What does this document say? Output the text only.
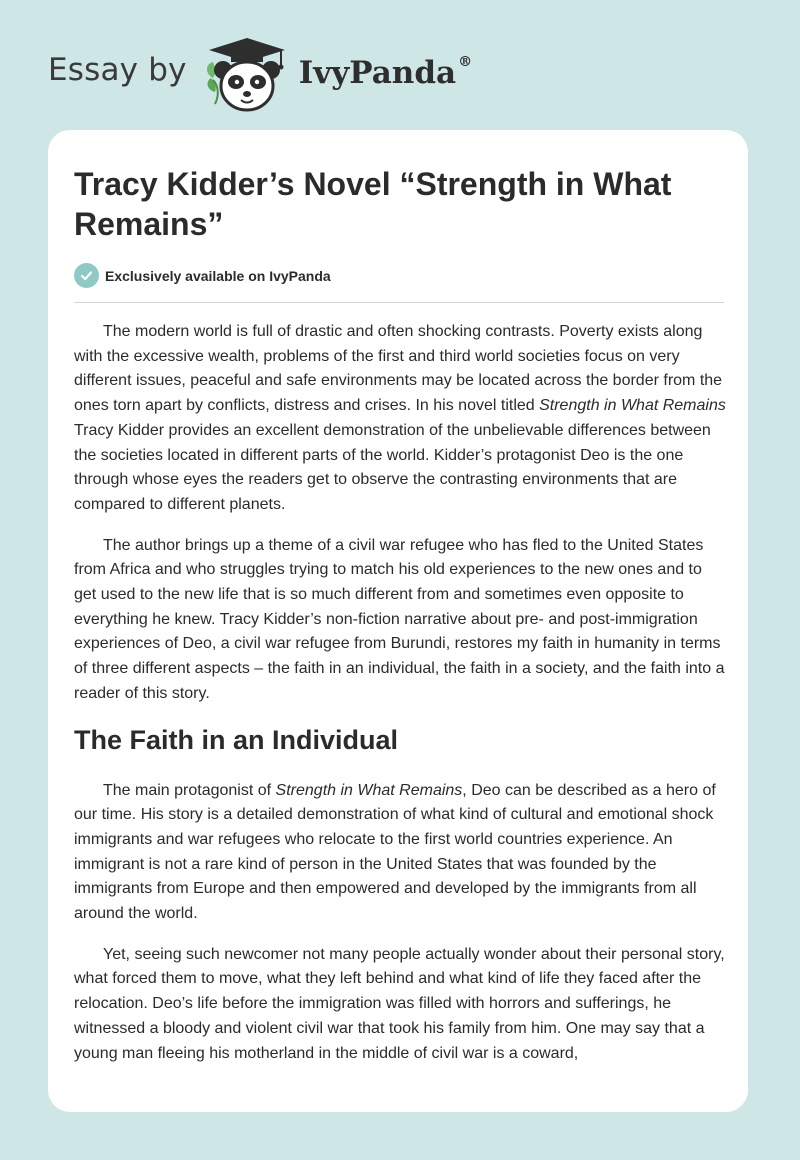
Essay by	IvyPanda ®
Tracy Kidder’s Novel “Strength in What Remains”
Exclusively available on IvyPanda

The modern world is full of drastic and often shocking contrasts. Poverty exists along with the excessive wealth, problems of the first and third world societies focus on very different issues, peaceful and safe environments may be located across the border from the ones torn apart by conflicts, distress and crises. In his novel titled Strength in What Remains Tracy Kidder provides an excellent demonstration of the unbelievable differences between the societies located in different parts of the world. Kidder’s protagonist Deo is the one through whose eyes the readers get to observe the contrasting environments that are compared to different planets.

The author brings up a theme of a civil war refugee who has fled to the United States from Africa and who struggles trying to match his old experiences to the new ones and to get used to the new life that is so much different from and sometimes even opposite to everything he knew. Tracy Kidder’s non-fiction narrative about pre- and post-immigration experiences of Deo, a civil war refugee from Burundi, restores my faith in humanity in terms of three different aspects – the faith in an individual, the faith in a society, and the faith into a reader of this story.

The Faith in an Individual

The main protagonist of Strength in What Remains, Deo can be described as a hero of our time. His story is a detailed demonstration of what kind of cultural and emotional shock immigrants and war refugees who relocate to the first world countries experience. An immigrant is not a rare kind of person in the United States that was founded by the immigrants from Europe and then empowered and developed by the immigrants from all around the world.

Yet, seeing such newcomer not many people actually wonder about their personal story, what forced them to move, what they left behind and what kind of life they faced after the relocation. Deo’s life before the immigration was filled with horrors and sufferings, he witnessed a bloody and violent civil war that took his family from him. One may say that a young man fleeing his motherland in the middle of civil war is a coward,
